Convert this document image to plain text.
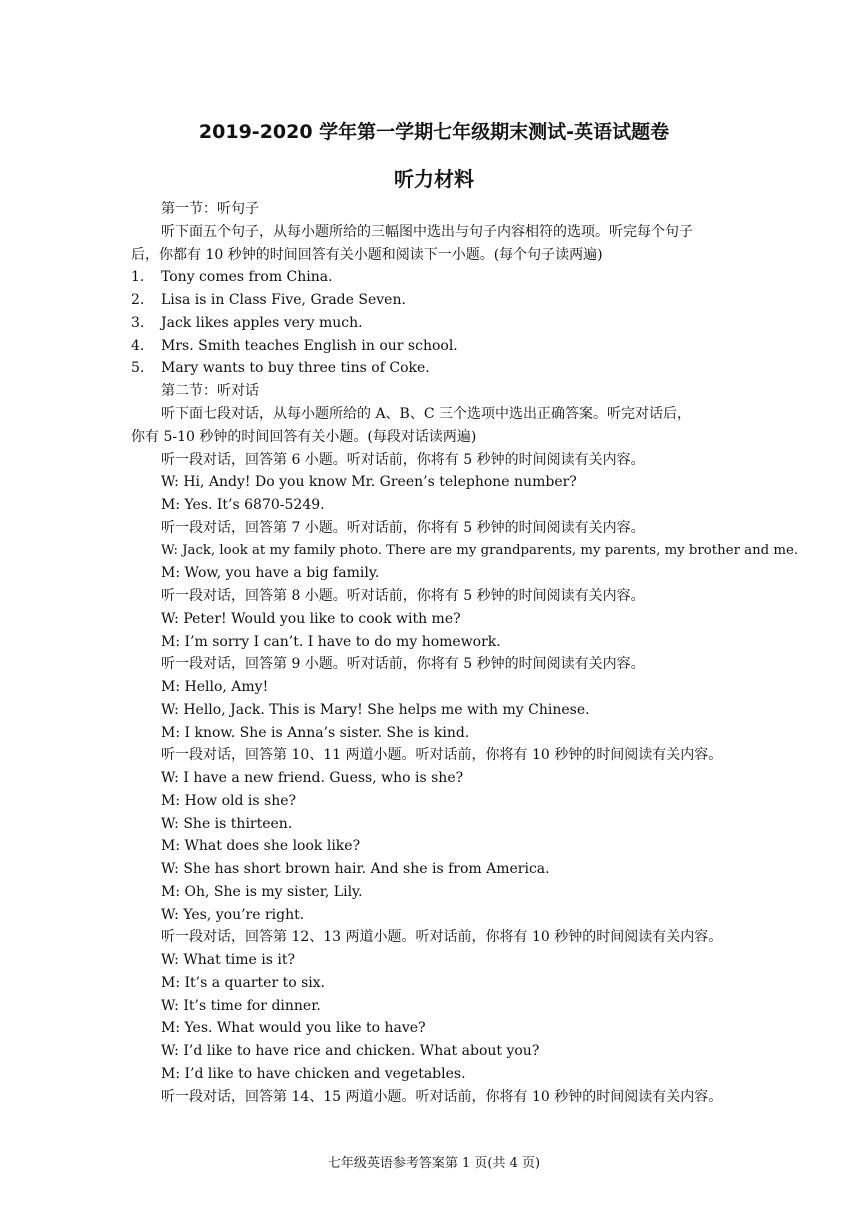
2019-2020 学年第一学期七年级期末测试-英语试题卷
听力材料

第一节：听句子

听下面五个句子，从每小题所给的三幅图中选出与句子内容相符的选项。听完每个句子

后，你都有 10 秒钟的时间回答有关小题和阅读下一小题。(每个句子读两遍)

1. Tony comes from China.
2. Lisa is in Class Five, Grade Seven.
3. Jack likes apples very much.
4. Mrs. Smith teaches English in our school.
5. Mary wants to buy three tins of Coke.

第二节：听对话

听下面七段对话，从每小题所给的 A、B、C 三个选项中选出正确答案。听完对话后，

你有 5-10 秒钟的时间回答有关小题。(每段对话读两遍)

听一段对话，回答第 6 小题。听对话前，你将有 5 秒钟的时间阅读有关内容。

W: Hi, Andy! Do you know Mr. Green’s telephone number?

M: Yes. It’s 6870-5249.

听一段对话，回答第 7 小题。听对话前，你将有 5 秒钟的时间阅读有关内容。

W: Jack, look at my family photo. There are my grandparents, my parents, my brother and me.

M: Wow, you have a big family.

听一段对话，回答第 8 小题。听对话前，你将有 5 秒钟的时间阅读有关内容。

W: Peter! Would you like to cook with me?

M: I’m sorry I can’t. I have to do my homework.

听一段对话，回答第 9 小题。听对话前，你将有 5 秒钟的时间阅读有关内容。

M: Hello, Amy!

W: Hello, Jack. This is Mary! She helps me with my Chinese.

M: I know. She is Anna’s sister. She is kind.

听一段对话，回答第 10、11 两道小题。听对话前，你将有 10 秒钟的时间阅读有关内容。

W: I have a new friend. Guess, who is she?

M: How old is she?

W: She is thirteen.

M: What does she look like?

W: She has short brown hair. And she is from America.

M: Oh, She is my sister, Lily.

W: Yes, you’re right.

听一段对话，回答第 12、13 两道小题。听对话前，你将有 10 秒钟的时间阅读有关内容。

W: What time is it?

M: It’s a quarter to six.

W: It’s time for dinner.

M: Yes. What would you like to have?

W: I’d like to have rice and chicken. What about you?

M: I’d like to have chicken and vegetables.

听一段对话，回答第 14、15 两道小题。听对话前，你将有 10 秒钟的时间阅读有关内容。

七年级英语参考答案第 1 页(共 4 页)
